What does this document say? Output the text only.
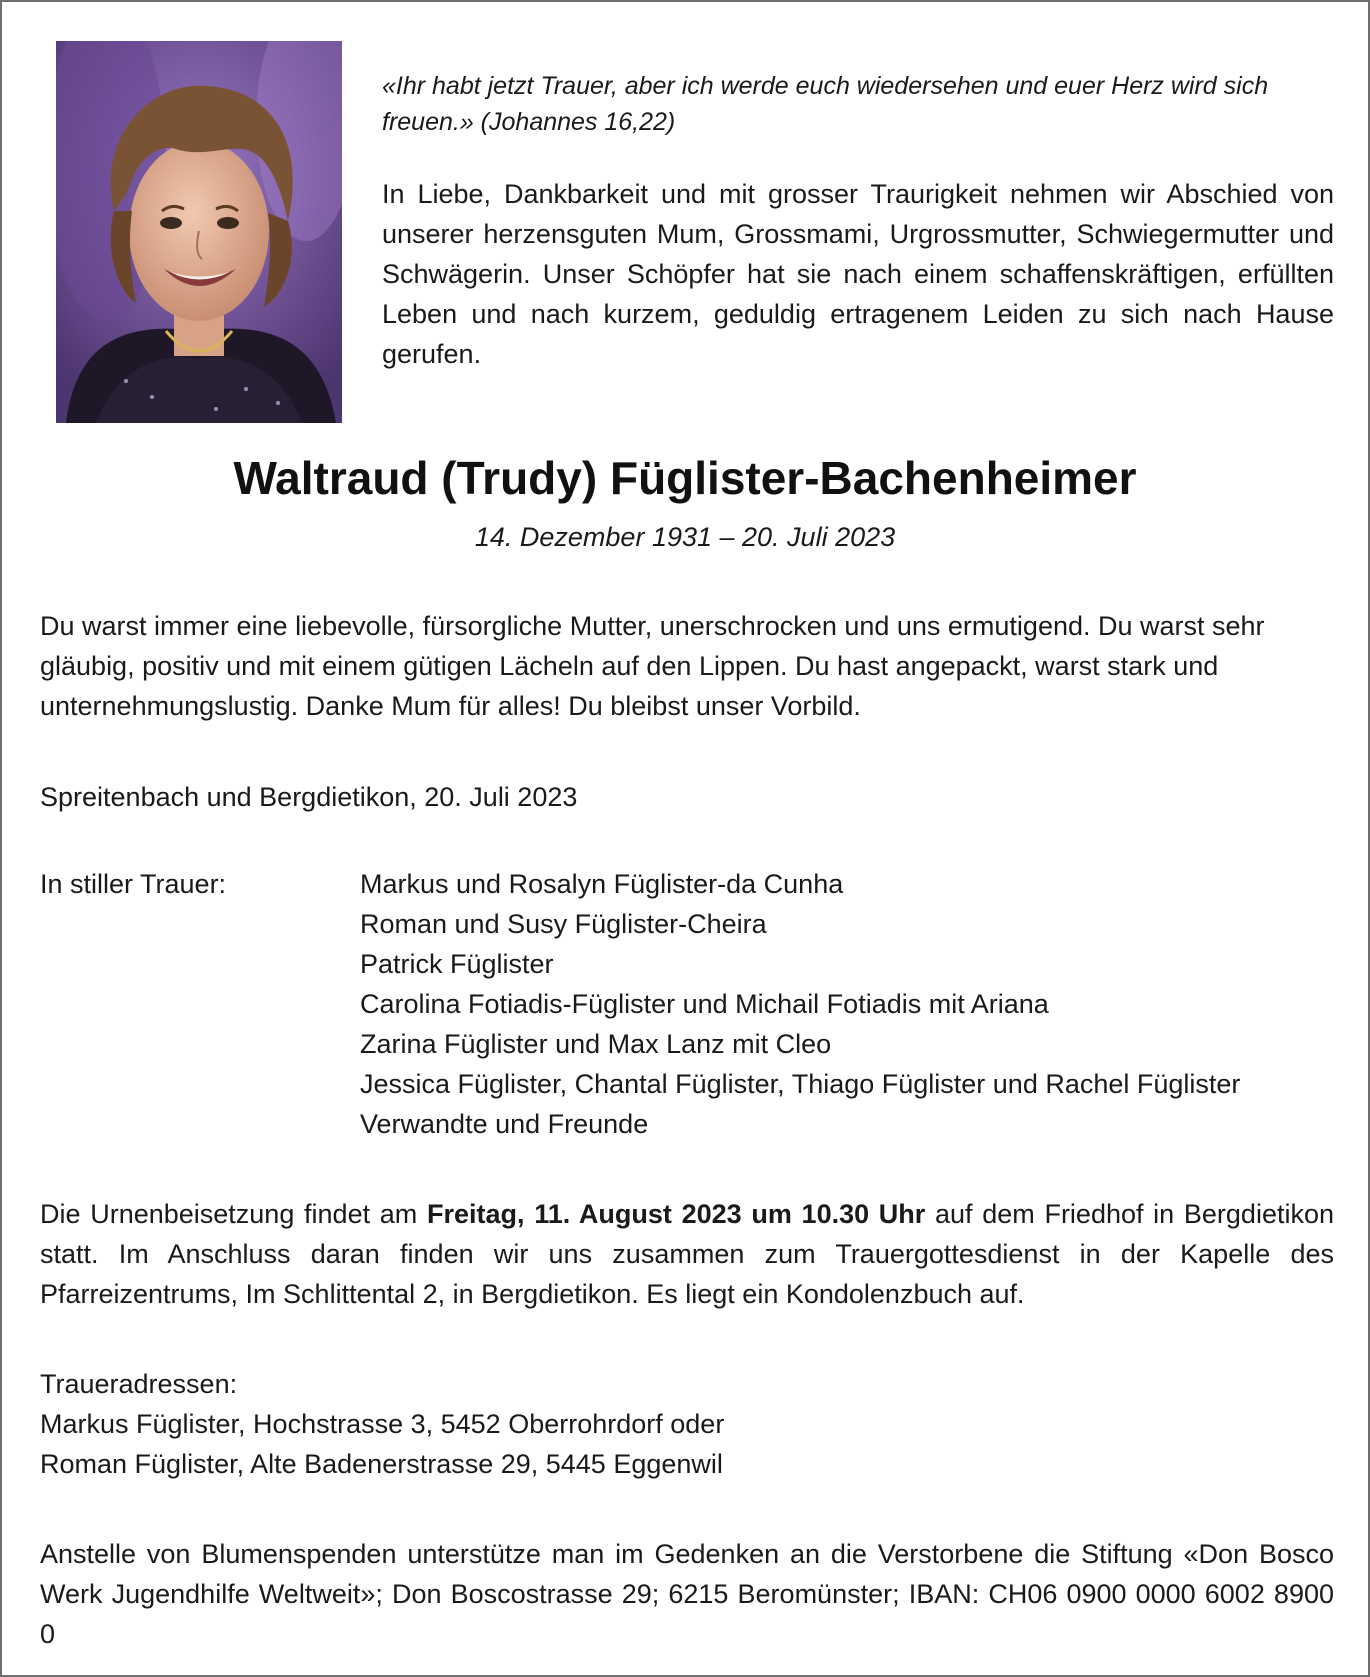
«Ihr habt jetzt Trauer, aber ich werde euch wiedersehen und euer Herz wird sich freuen.» (Johannes 16,22)

In Liebe, Dankbarkeit und mit grosser Traurigkeit nehmen wir Abschied von unserer herzensguten Mum, Grossmami, Urgrossmutter, Schwiegermutter und Schwägerin. Unser Schöpfer hat sie nach einem schaffenskräftigen, erfüllten Leben und nach kurzem, geduldig ertragenem Leiden zu sich nach Hause gerufen.

Waltraud (Trudy) Füglister-Bachenheimer
14. Dezember 1931 – 20. Juli 2023

Du warst immer eine liebevolle, fürsorgliche Mutter, unerschrocken und uns ermutigend. Du warst sehr gläubig, positiv und mit einem gütigen Lächeln auf den Lippen. Du hast angepackt, warst stark und unternehmungslustig. Danke Mum für alles! Du bleibst unser Vorbild.

Spreitenbach und Bergdietikon, 20. Juli 2023

In stiller Trauer:	Markus und Rosalyn Füglister-da Cunha
Roman und Susy Füglister-Cheira
Patrick Füglister
Carolina Fotiadis-Füglister und Michail Fotiadis mit Ariana
Zarina Füglister und Max Lanz mit Cleo
Jessica Füglister, Chantal Füglister, Thiago Füglister und Rachel Füglister
Verwandte und Freunde

Die Urnenbeisetzung findet am Freitag, 11. August 2023 um 10.30 Uhr auf dem Friedhof in Bergdietikon statt. Im Anschluss daran finden wir uns zusammen zum Trauergottesdienst in der Kapelle des Pfarreizentrums, Im Schlittental 2, in Bergdietikon. Es liegt ein Kondolenzbuch auf.

Traueradressen:
Markus Füglister, Hochstrasse 3, 5452 Oberrohrdorf oder
Roman Füglister, Alte Badenerstrasse 29, 5445 Eggenwil

Anstelle von Blumenspenden unterstütze man im Gedenken an die Verstorbene die Stiftung «Don Bosco Werk Jugendhilfe Weltweit»; Don Boscostrasse 29; 6215 Beromünster; IBAN: CH06 0900 0000 6002 8900 0
